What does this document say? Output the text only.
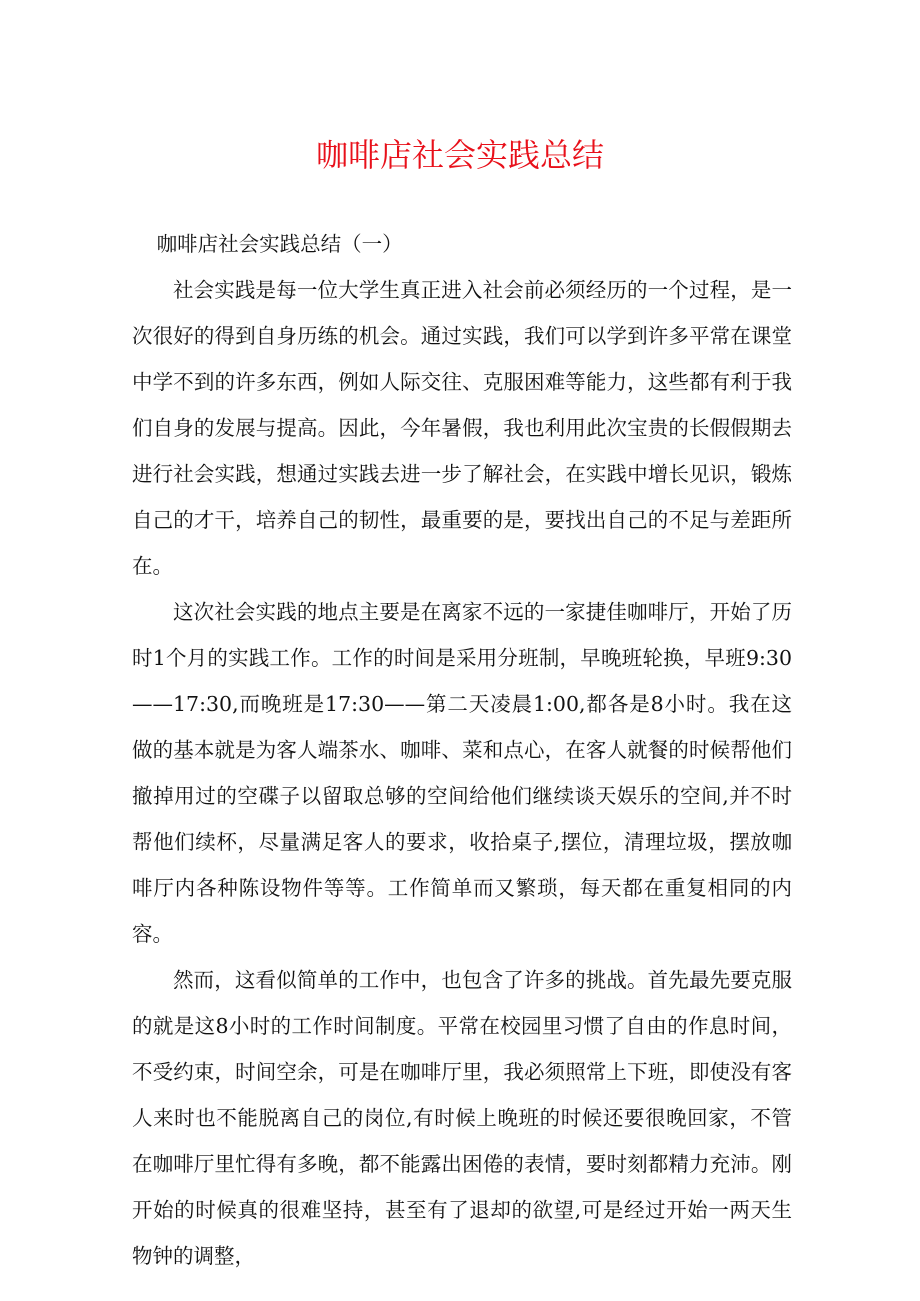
咖啡店社会实践总结

咖啡店社会实践总结（一）

社会实践是每一位大学生真正进入社会前必须经历的一个过程，是一次很好的得到自身历练的机会。通过实践，我们可以学到许多平常在课堂中学不到的许多东西，例如人际交往、克服困难等能力，这些都有利于我们自身的发展与提高。因此，今年暑假，我也利用此次宝贵的长假假期去进行社会实践，想通过实践去进一步了解社会，在实践中增长见识，锻炼自己的才干，培养自己的韧性，最重要的是，要找出自己的不足与差距所在。

这次社会实践的地点主要是在离家不远的一家捷佳咖啡厅，开始了历时1个月的实践工作。工作的时间是采用分班制，早晚班轮换，早班9:30——17:30,而晚班是17:30——第二天凌晨1:00,都各是8小时。我在这做的基本就是为客人端茶水、咖啡、菜和点心，在客人就餐的时候帮他们撤掉用过的空碟子以留取总够的空间给他们继续谈天娱乐的空间,并不时帮他们续杯，尽量满足客人的要求，收拾桌子,摆位，清理垃圾，摆放咖啡厅内各种陈设物件等等。工作简单而又繁琐，每天都在重复相同的内容。

然而，这看似简单的工作中，也包含了许多的挑战。首先最先要克服的就是这8小时的工作时间制度。平常在校园里习惯了自由的作息时间，不受约束，时间空余，可是在咖啡厅里，我必须照常上下班，即使没有客人来时也不能脱离自己的岗位,有时候上晚班的时候还要很晚回家，不管在咖啡厅里忙得有多晚，都不能露出困倦的表情，要时刻都精力充沛。刚开始的时候真的很难坚持，甚至有了退却的欲望,可是经过开始一两天生物钟的调整，
